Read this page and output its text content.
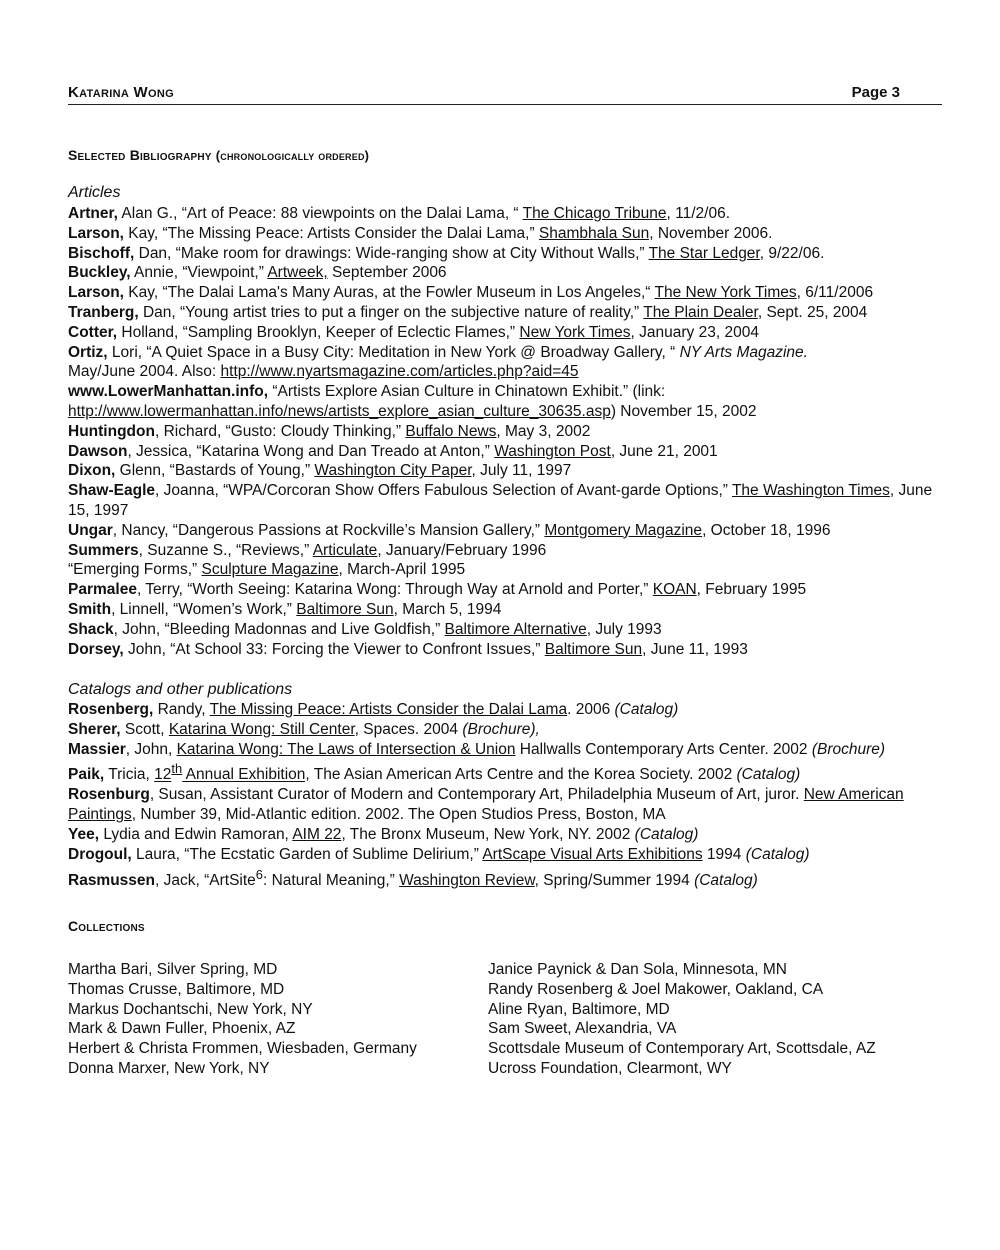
Katarina Wong	Page 3
Selected Bibliography (chronologically ordered)
Articles
Artner, Alan G., “Art of Peace: 88 viewpoints on the Dalai Lama, “ The Chicago Tribune, 11/2/06.
Larson, Kay, “The Missing Peace: Artists Consider the Dalai Lama,” Shambhala Sun, November 2006.
Bischoff, Dan, “Make room for drawings: Wide-ranging show at City Without Walls,” The Star Ledger, 9/22/06.
Buckley, Annie, “Viewpoint,” Artweek, September 2006
Larson, Kay, “The Dalai Lama's Many Auras, at the Fowler Museum in Los Angeles,“ The New York Times, 6/11/2006
Tranberg, Dan, “Young artist tries to put a finger on the subjective nature of reality,” The Plain Dealer, Sept. 25, 2004
Cotter, Holland, “Sampling Brooklyn, Keeper of Eclectic Flames,” New York Times, January 23, 2004
Ortiz, Lori, “A Quiet Space in a Busy City: Meditation in New York @ Broadway Gallery, “ NY Arts Magazine.
May/June 2004. Also: http://www.nyartsmagazine.com/articles.php?aid=45
www.LowerManhattan.info, “Artists Explore Asian Culture in Chinatown Exhibit.” (link: http://www.lowermanhattan.info/news/artists_explore_asian_culture_30635.asp) November 15, 2002
Huntingdon, Richard, “Gusto: Cloudy Thinking,” Buffalo News, May 3, 2002
Dawson, Jessica, “Katarina Wong and Dan Treado at Anton,” Washington Post, June 21, 2001
Dixon, Glenn, “Bastards of Young,” Washington City Paper, July 11, 1997
Shaw-Eagle, Joanna, “WPA/Corcoran Show Offers Fabulous Selection of Avant-garde Options,” The Washington Times, June 15, 1997
Ungar, Nancy, “Dangerous Passions at Rockville’s Mansion Gallery,” Montgomery Magazine, October 18, 1996
Summers, Suzanne S., “Reviews,” Articulate, January/February 1996
“Emerging Forms,” Sculpture Magazine, March-April 1995
Parmalee, Terry, “Worth Seeing: Katarina Wong: Through Way at Arnold and Porter,” KOAN, February 1995
Smith, Linnell, “Women’s Work,” Baltimore Sun, March 5, 1994
Shack, John, “Bleeding Madonnas and Live Goldfish,” Baltimore Alternative, July 1993
Dorsey, John, “At School 33: Forcing the Viewer to Confront Issues,” Baltimore Sun, June 11, 1993
Catalogs and other publications
Rosenberg, Randy, The Missing Peace: Artists Consider the Dalai Lama. 2006 (Catalog)
Sherer, Scott, Katarina Wong: Still Center, Spaces. 2004 (Brochure),
Massier, John, Katarina Wong: The Laws of Intersection & Union Hallwalls Contemporary Arts Center. 2002 (Brochure)
Paik, Tricia, 12th Annual Exhibition, The Asian American Arts Centre and the Korea Society. 2002 (Catalog)
Rosenburg, Susan, Assistant Curator of Modern and Contemporary Art, Philadelphia Museum of Art, juror. New American Paintings, Number 39, Mid-Atlantic edition. 2002. The Open Studios Press, Boston, MA
Yee, Lydia and Edwin Ramoran, AIM 22, The Bronx Museum, New York, NY. 2002 (Catalog)
Drogoul, Laura, “The Ecstatic Garden of Sublime Delirium,” ArtScape Visual Arts Exhibitions 1994 (Catalog)
Rasmussen, Jack, “ArtSite$^6$: Natural Meaning,” Washington Review, Spring/Summer 1994 (Catalog)
Collections
Martha Bari, Silver Spring, MD
Thomas Crusse, Baltimore, MD
Markus Dochantschi, New York, NY
Mark & Dawn Fuller, Phoenix, AZ
Herbert & Christa Frommen, Wiesbaden, Germany
Donna Marxer, New York, NY
Janice Paynick & Dan Sola, Minnesota, MN
Randy Rosenberg & Joel Makower, Oakland, CA
Aline Ryan, Baltimore, MD
Sam Sweet, Alexandria, VA
Scottsdale Museum of Contemporary Art, Scottsdale, AZ
Ucross Foundation, Clearmont, WY
